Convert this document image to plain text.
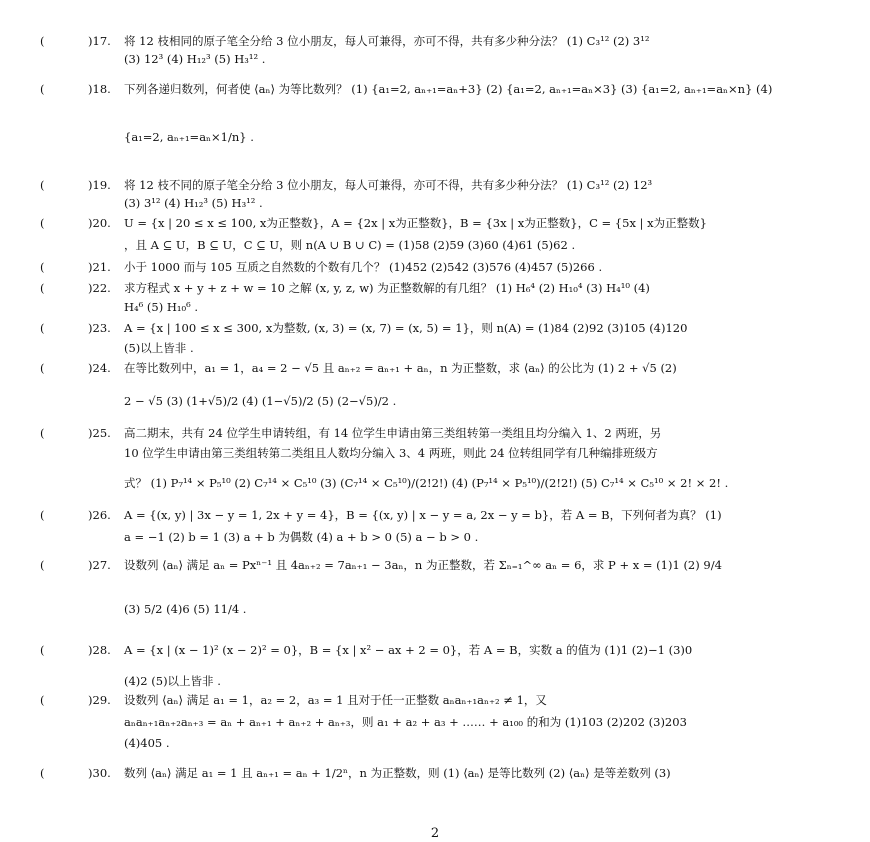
(	)17. 将 12 枝相同的原子笔全分给 3 位小朋友，每人可兼得，亦可不得，共有多少种分法？ (1) C₃¹² (2) 3¹²
(3) 12³ (4) H₁₂³ (5) H₃¹² .
(	)18. 下列各递归数列，何者使 ⟨aₙ⟩ 为等比数列？ (1) {a₁=2, aₙ₊₁=aₙ+3} (2) {a₁=2, aₙ₊₁=aₙ×3} (3) {a₁=2, aₙ₊₁=aₙ×n} (4)
{a₁=2, aₙ₊₁=aₙ×1/n} .
(	)19. 将 12 枝不同的原子笔全分给 3 位小朋友，每人可兼得，亦可不得，共有多少种分法？ (1) C₃¹² (2) 12³
(3) 3¹² (4) H₁₂³ (5) H₃¹² .
(	)20. U = {x | 20 ≤ x ≤ 100, x为正整数}，A = {2x | x为正整数}，B = {3x | x为正整数}，C = {5x | x为正整数}
，且 A ⊆ U，B ⊆ U，C ⊆ U，则 n(A ∪ B ∪ C) = (1)58 (2)59 (3)60 (4)61 (5)62 .
(	)21. 小于 1000 而与 105 互质之自然数的个数有几个？ (1)452 (2)542 (3)576 (4)457 (5)266 .
(	)22. 求方程式 x + y + z + w = 10 之解 (x, y, z, w) 为正整数解的有几组？ (1) H₆⁴ (2) H₁₀⁴ (3) H₄¹⁰ (4)
H₄⁶ (5) H₁₀⁶ .
(	)23. A = {x | 100 ≤ x ≤ 300, x为整数, (x, 3) = (x, 7) = (x, 5) = 1}，则 n(A) = (1)84 (2)92 (3)105 (4)120
(5)以上皆非 .
(	)24. 在等比数列中，a₁ = 1，a₄ = 2 − √5 且 aₙ₊₂ = aₙ₊₁ + aₙ，n 为正整数，求 ⟨aₙ⟩ 的公比为 (1) 2 + √5 (2)
2 − √5 (3) (1+√5)/2 (4) (1−√5)/2 (5) (2−√5)/2 .
(	)25. 高二期末，共有 24 位学生申请转组，有 14 位学生申请由第三类组转第一类组且均分编入 1、2 两班，另
10 位学生申请由第三类组转第二类组且人数均分编入 3、4 两班，则此 24 位转组同学有几种编排班级方
式？ (1) P₇¹⁴ × P₅¹⁰ (2) C₇¹⁴ × C₅¹⁰ (3) (C₇¹⁴ × C₅¹⁰)/(2!2!) (4) (P₇¹⁴ × P₅¹⁰)/(2!2!) (5) C₇¹⁴ × C₅¹⁰ × 2! × 2! .
(	)26. A = {(x, y) | 3x − y = 1, 2x + y = 4}，B = {(x, y) | x − y = a, 2x − y = b}，若 A = B，下列何者为真？ (1)
a = −1 (2) b = 1 (3) a + b 为偶数 (4) a + b > 0 (5) a − b > 0 .
(	)27. 设数列 ⟨aₙ⟩ 满足 aₙ = Pxⁿ⁻¹ 且 4aₙ₊₂ = 7aₙ₊₁ − 3aₙ，n 为正整数，若 Σₙ₌₁^∞ aₙ = 6，求 P + x = (1)1 (2) 9/4
(3) 5/2 (4)6 (5) 11/4 .
(	)28. A = {x | (x − 1)² (x − 2)² = 0}，B = {x | x² − ax + 2 = 0}，若 A = B，实数 a 的值为 (1)1 (2)−1 (3)0
(4)2 (5)以上皆非 .
(	)29. 设数列 ⟨aₙ⟩ 满足 a₁ = 1，a₂ = 2，a₃ = 1 且对于任一正整数 aₙaₙ₊₁aₙ₊₂ ≠ 1，又
aₙaₙ₊₁aₙ₊₂aₙ₊₃ = aₙ + aₙ₊₁ + aₙ₊₂ + aₙ₊₃，则 a₁ + a₂ + a₃ + …… + a₁₀₀ 的和为 (1)103 (2)202 (3)203
(4)405 .
(	)30. 数列 ⟨aₙ⟩ 满足 a₁ = 1 且 aₙ₊₁ = aₙ + 1/2ⁿ，n 为正整数，则 (1) ⟨aₙ⟩ 是等比数列 (2) ⟨aₙ⟩ 是等差数列 (3)
2
